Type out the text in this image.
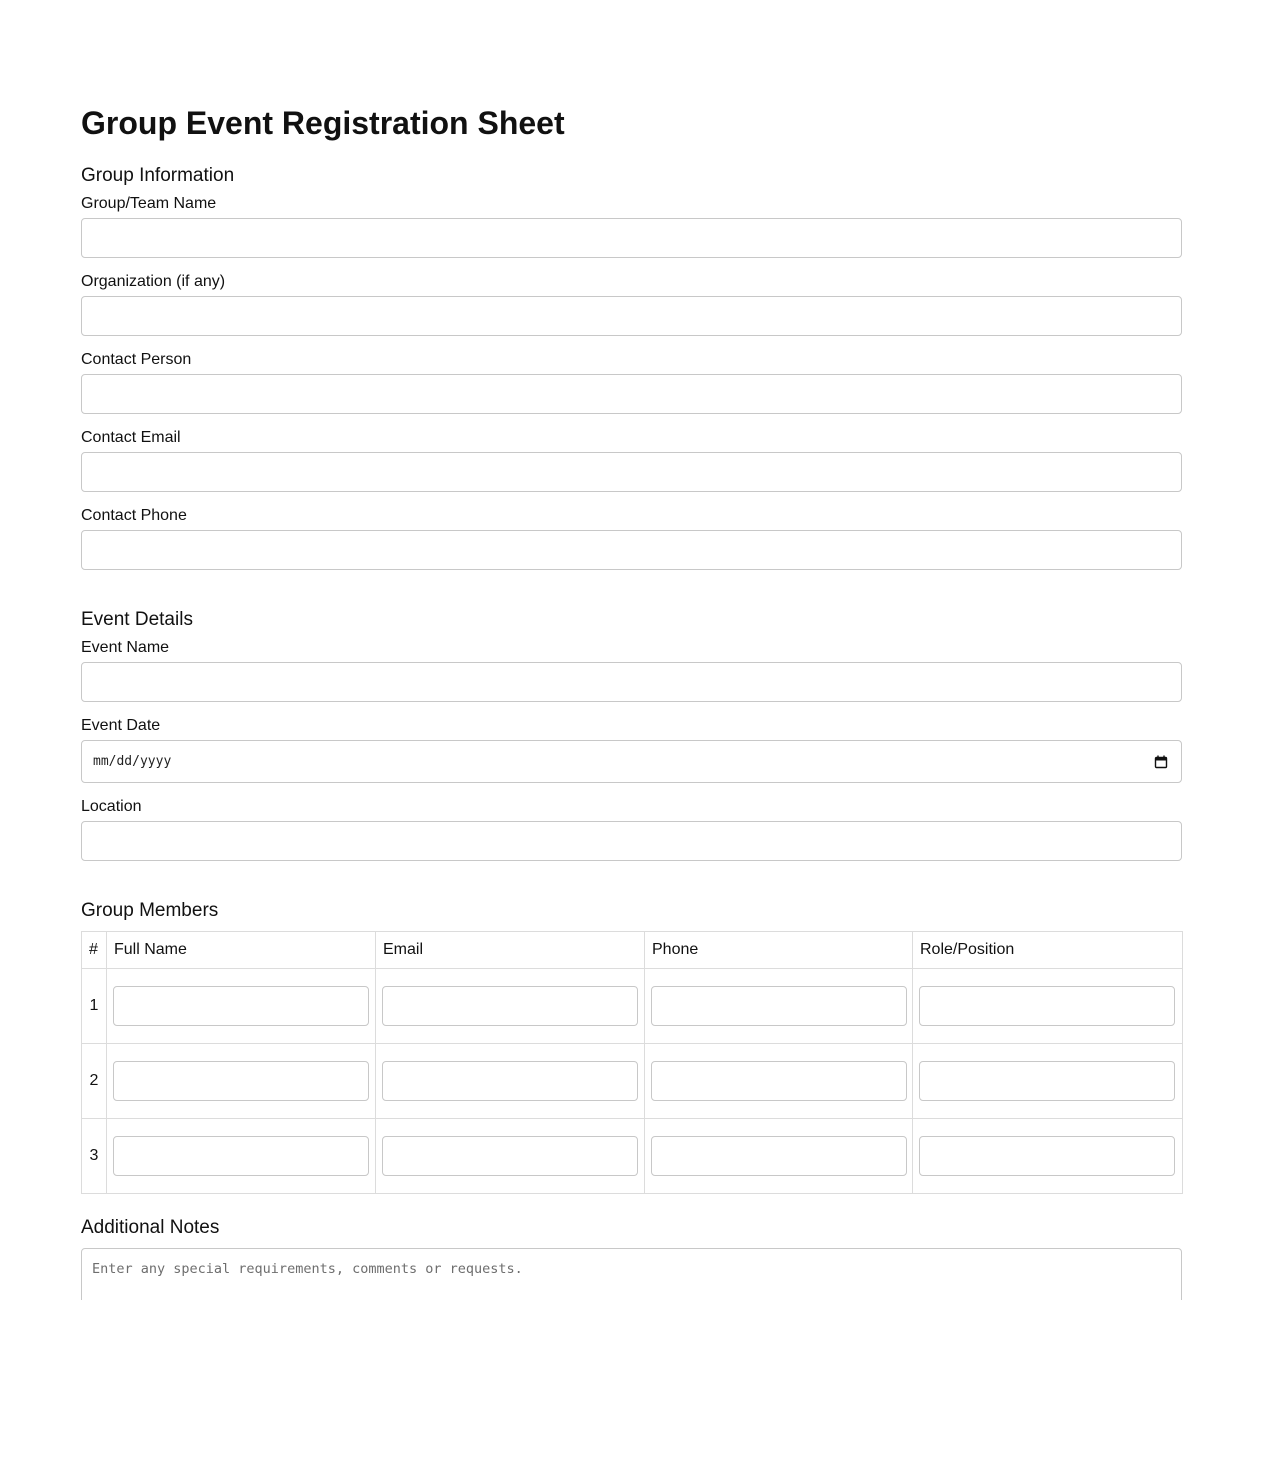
Group Event Registration Sheet
Group Information
Group/Team Name
Organization (if any)
Contact Person
Contact Email
Contact Phone
Event Details
Event Name
Event Date
mm/dd/yyyy
Location
Group Members
#	Full Name	Email	Phone	Role/Position
1	

2	

3	

Additional Notes
Enter any special requirements, comments or requests.
